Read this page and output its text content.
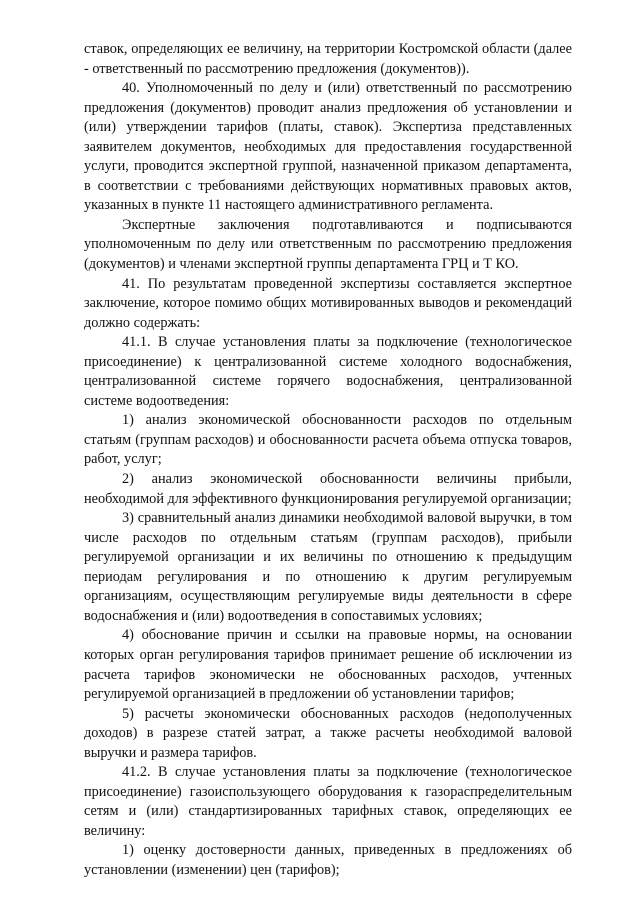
ставок, определяющих ее величину, на территории Костромской области (далее - ответственный по рассмотрению предложения (документов)).

40. Уполномоченный по делу и (или) ответственный по рассмотрению предложения (документов) проводит анализ предложения об установлении и (или) утверждении тарифов (платы, ставок). Экспертиза представленных заявителем документов, необходимых для предоставления государственной услуги, проводится экспертной группой, назначенной приказом департамента, в соответствии с требованиями действующих нормативных правовых актов, указанных в пункте 11 настоящего административного регламента.

Экспертные заключения подготавливаются и подписываются уполномоченным по делу или ответственным по рассмотрению предложения (документов) и членами экспертной группы департамента ГРЦ и Т КО.

41. По результатам проведенной экспертизы составляется экспертное заключение, которое помимо общих мотивированных выводов и рекомендаций должно содержать:

41.1. В случае установления платы за подключение (технологическое присоединение) к централизованной системе холодного водоснабжения, централизованной системе горячего водоснабжения, централизованной системе водоотведения:

1) анализ экономической обоснованности расходов по отдельным статьям (группам расходов) и обоснованности расчета объема отпуска товаров, работ, услуг;

2) анализ экономической обоснованности величины прибыли, необходимой для эффективного функционирования регулируемой организации;

3) сравнительный анализ динамики необходимой валовой выручки, в том числе расходов по отдельным статьям (группам расходов), прибыли регулируемой организации и их величины по отношению к предыдущим периодам регулирования и по отношению к другим регулируемым организациям, осуществляющим регулируемые виды деятельности в сфере водоснабжения и (или) водоотведения в сопоставимых условиях;

4) обоснование причин и ссылки на правовые нормы, на основании которых орган регулирования тарифов принимает решение об исключении из расчета тарифов экономически не обоснованных расходов, учтенных регулируемой организацией в предложении об установлении тарифов;

5) расчеты экономически обоснованных расходов (недополученных доходов) в разрезе статей затрат, а также расчеты необходимой валовой выручки и размера тарифов.

41.2. В случае установления платы за подключение (технологическое присоединение) газоиспользующего оборудования к газораспределительным сетям и (или) стандартизированных тарифных ставок, определяющих ее величину:

1) оценку достоверности данных, приведенных в предложениях об установлении (изменении) цен (тарифов);
